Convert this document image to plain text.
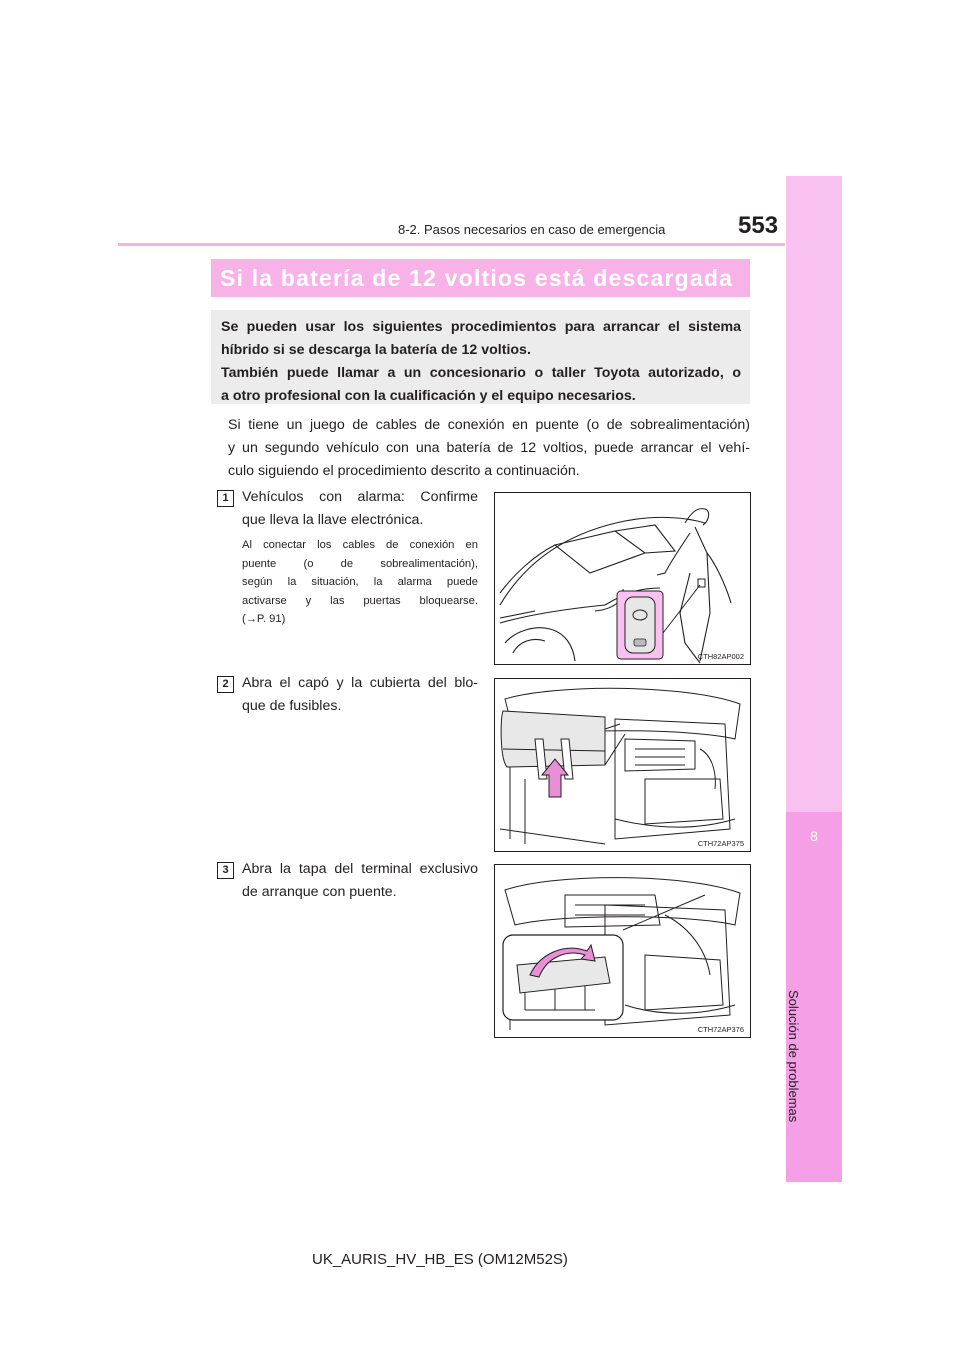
8-2. Pasos necesarios en caso de emergencia	553
8
Solución de problemas
Si la batería de 12 voltios está descargada
Se pueden usar los siguientes procedimientos para arrancar el sistema
híbrido si se descarga la batería de 12 voltios.
También puede llamar a un concesionario o taller Toyota autorizado, o
a otro profesional con la cualificación y el equipo necesarios.
Si tiene un juego de cables de conexión en puente (o de sobrealimentación)
y un segundo vehículo con una batería de 12 voltios, puede arrancar el vehí-
culo siguiendo el procedimiento descrito a continuación.
1 Vehículos con alarma: Confirme
que lleva la llave electrónica.
Al conectar los cables de conexión en
puente (o de sobrealimentación),
según la situación, la alarma puede
activarse y las puertas bloquearse.
(→P. 91)
CTH82AP002
2 Abra el capó y la cubierta del blo-
que de fusibles.
CTH72AP375
3 Abra la tapa del terminal exclusivo
de arranque con puente.
CTH72AP376
UK_AURIS_HV_HB_ES (OM12M52S)
